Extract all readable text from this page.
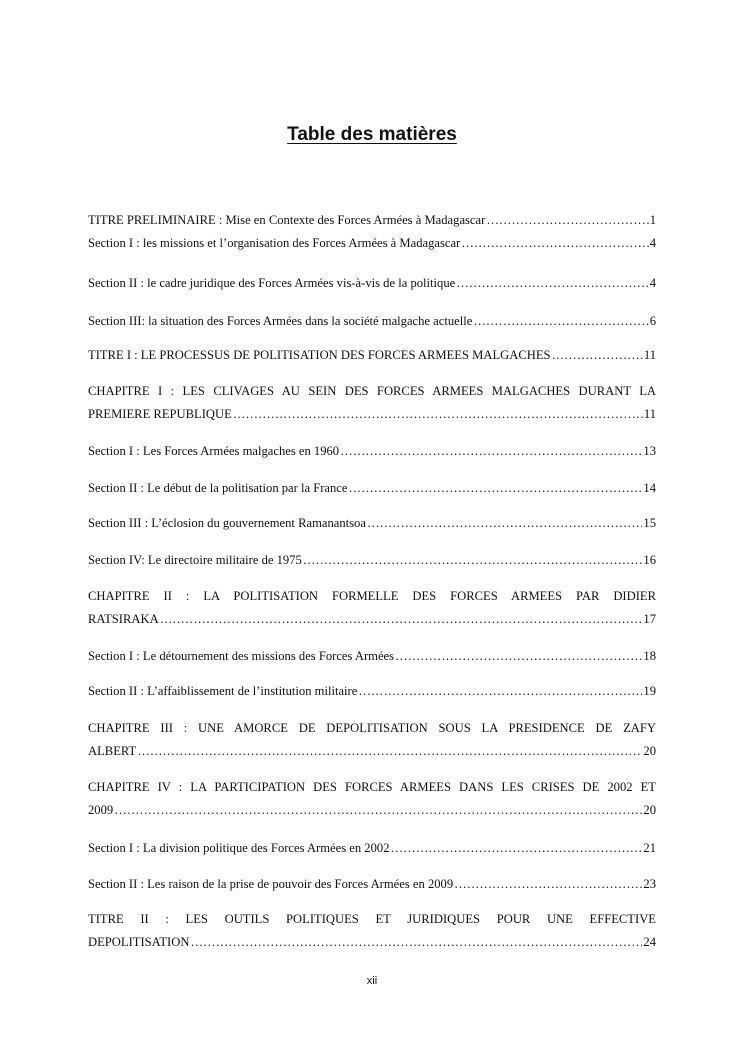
Table des matières
TITRE PRELIMINAIRE : Mise en Contexte des Forces Armées à Madagascar ……………………………………………………………………………………………………………………………………………………………………………………………	1
Section I : les missions et l’organisation des Forces Armées à Madagascar ……………………………………………………………………………………………………………………………………………………………………………………………	4
Section II : le cadre juridique des Forces Armées vis-à-vis de la politique ……………………………………………………………………………………………………………………………………………………………………………………………	4
Section III: la situation des Forces Armées dans la société malgache actuelle ……………………………………………………………………………………………………………………………………………………………………………………………	6
TITRE I : LE PROCESSUS DE POLITISATION DES FORCES ARMEES MALGACHES ……………………………………………………………………………………………………………………………………………………………………………………………	11
CHAPITRE I : LES CLIVAGES AU SEIN DES FORCES ARMEES MALGACHES DURANT LA
PREMIERE REPUBLIQUE ……………………………………………………………………………………………………………………………………………………………………………………………	11
Section I : Les Forces Armées malgaches en 1960 ……………………………………………………………………………………………………………………………………………………………………………………………	13
Section II : Le début de la politisation par la France ……………………………………………………………………………………………………………………………………………………………………………………………	14
Section III : L’éclosion du gouvernement Ramanantsoa ……………………………………………………………………………………………………………………………………………………………………………………………	15
Section IV: Le directoire militaire de 1975 ……………………………………………………………………………………………………………………………………………………………………………………………	16
CHAPITRE II : LA POLITISATION FORMELLE DES FORCES ARMEES PAR DIDIER
RATSIRAKA ……………………………………………………………………………………………………………………………………………………………………………………………	17
Section I : Le détournement des missions des Forces Armées ……………………………………………………………………………………………………………………………………………………………………………………………	18
Section II : L’affaiblissement de l’institution militaire ……………………………………………………………………………………………………………………………………………………………………………………………	19
CHAPITRE III : UNE AMORCE DE DEPOLITISATION SOUS LA PRESIDENCE DE ZAFY
ALBERT ……………………………………………………………………………………………………………………………………………………………………………………………	20
CHAPITRE IV : LA PARTICIPATION DES FORCES ARMEES DANS LES CRISES DE 2002 ET
2009 ……………………………………………………………………………………………………………………………………………………………………………………………	20
Section I : La division politique des Forces Armées en 2002 ……………………………………………………………………………………………………………………………………………………………………………………………	21
Section II : Les raison de la prise de pouvoir des Forces Armées en 2009 ……………………………………………………………………………………………………………………………………………………………………………………………	23
TITRE II : LES OUTILS POLITIQUES ET JURIDIQUES POUR UNE EFFECTIVE
DEPOLITISATION ……………………………………………………………………………………………………………………………………………………………………………………………	24
xii
